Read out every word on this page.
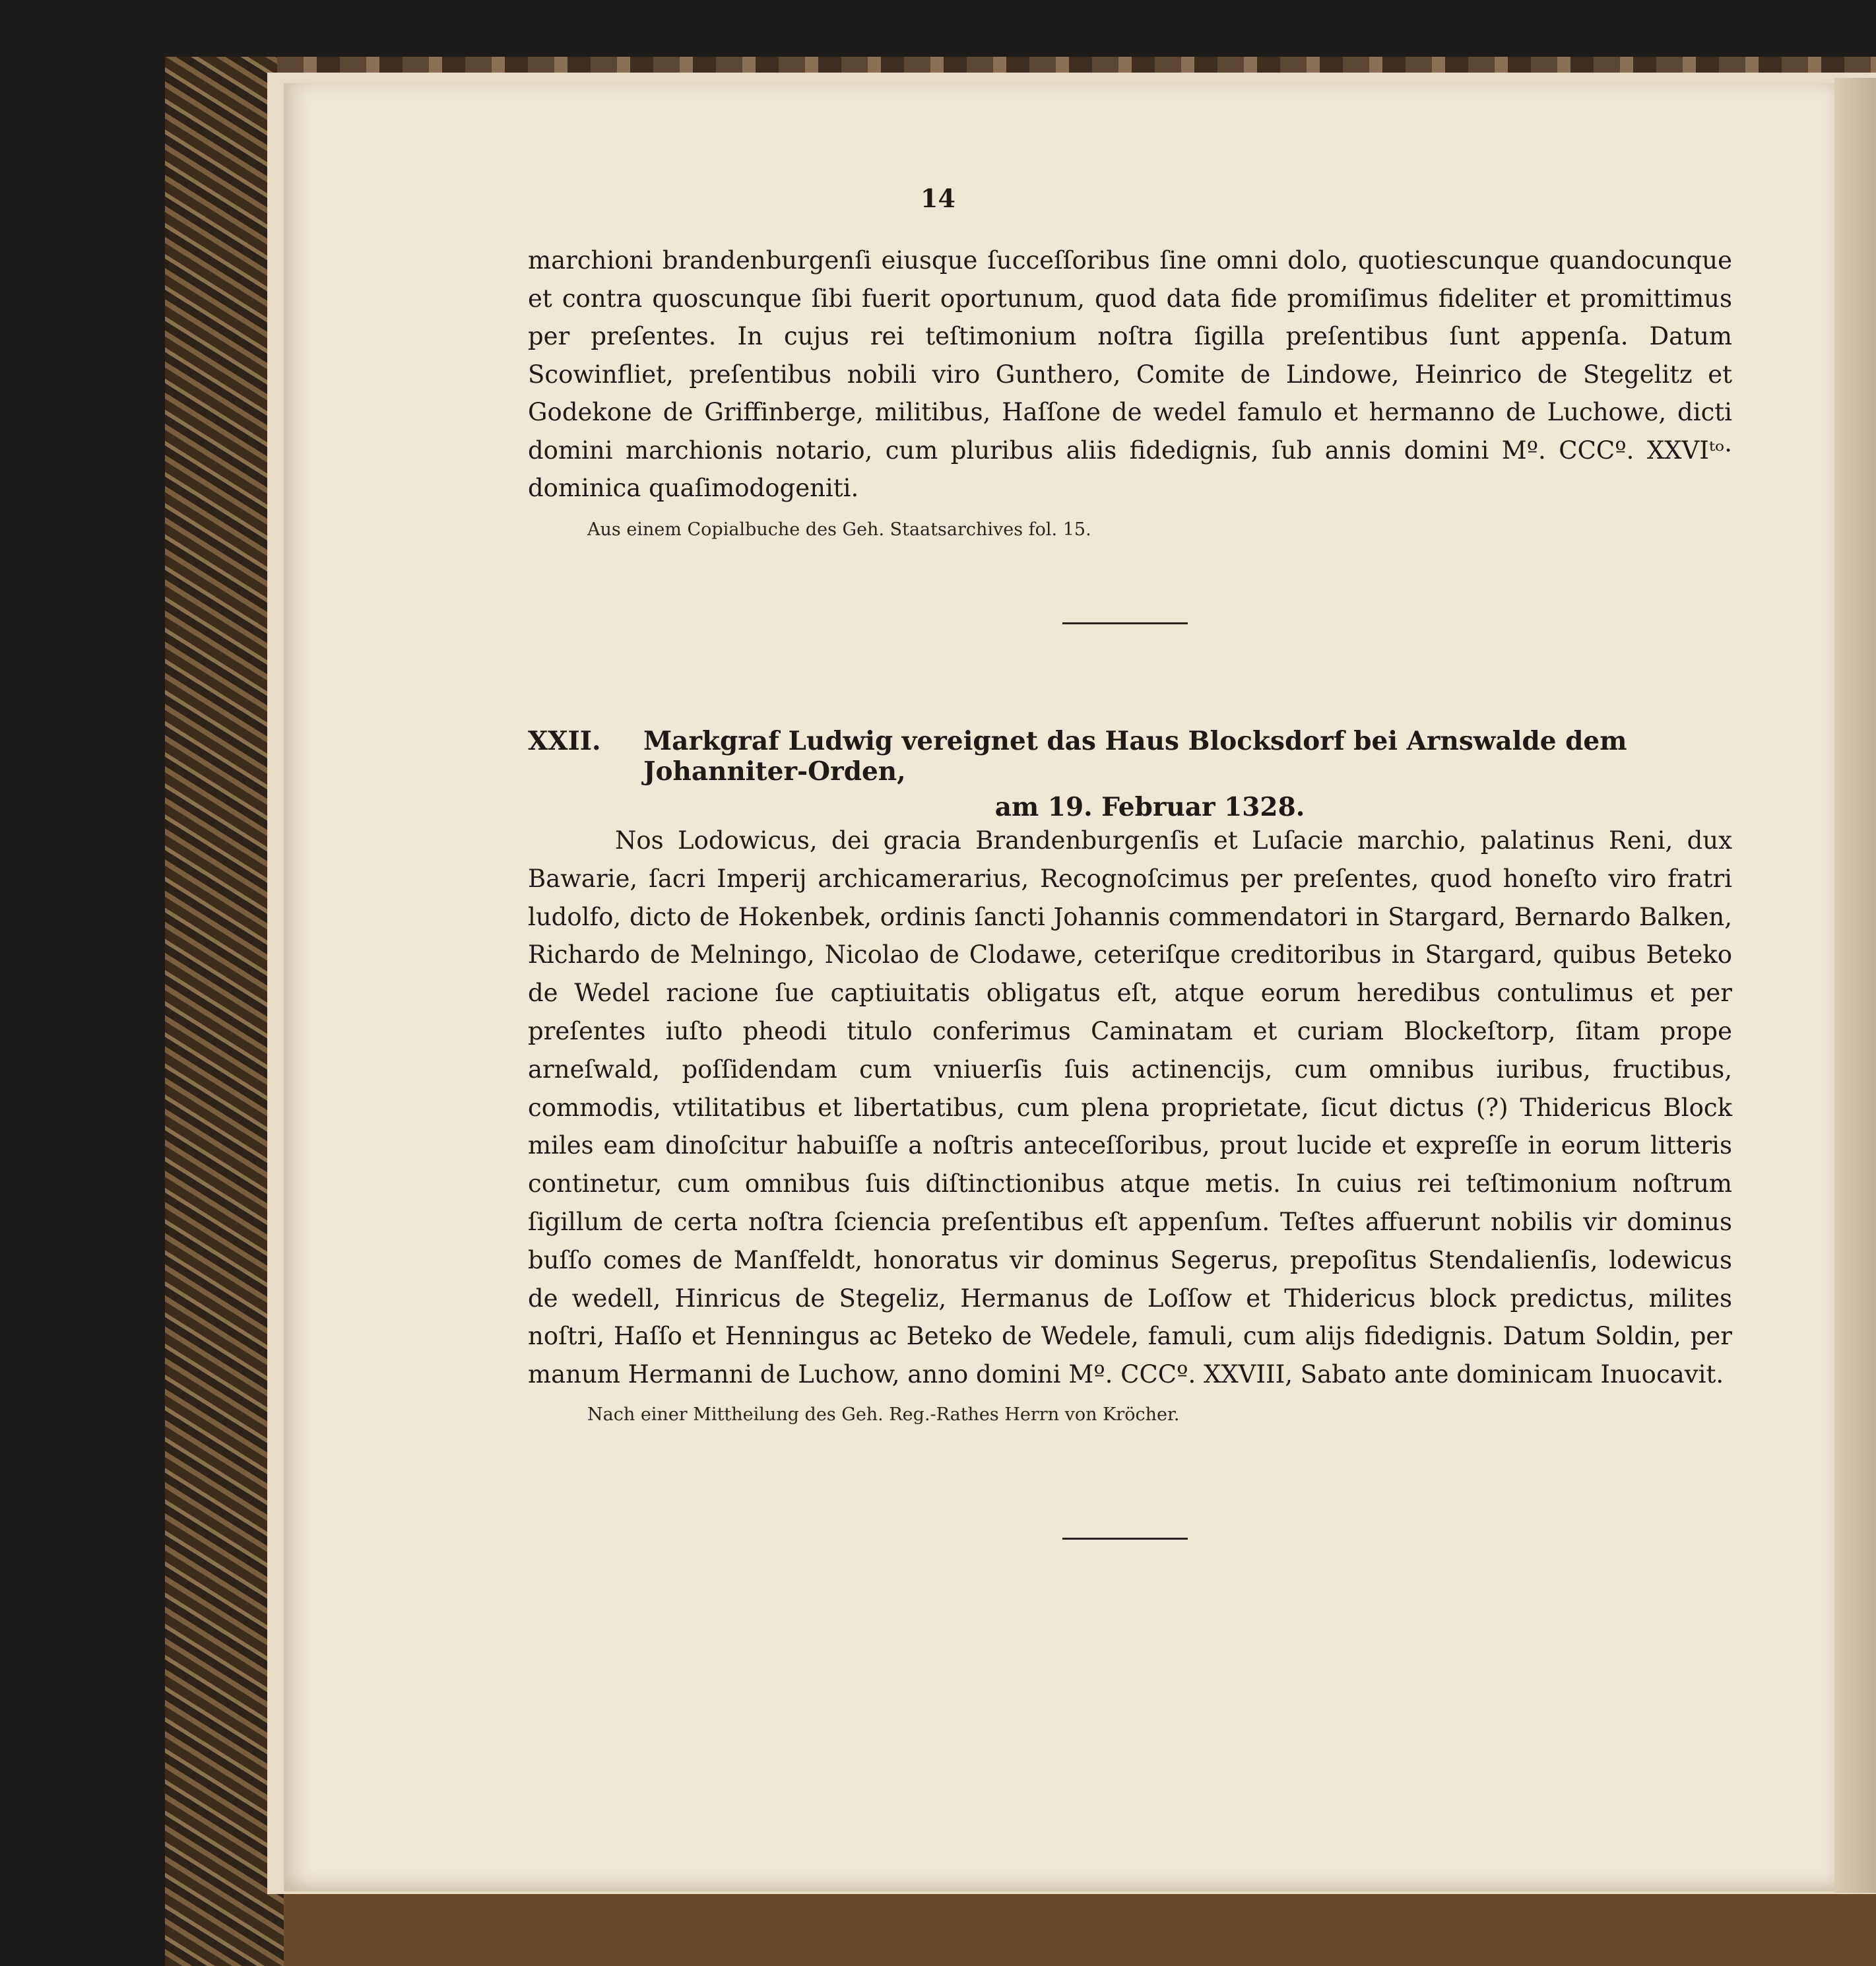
14

marchioni brandenburgenſi eiusque ſucceſſoribus ſine omni dolo, quotiescunque quandocunque et contra quoscunque ſibi fuerit oportunum, quod data fide promiſimus fideliter et promittimus per preſentes. In cujus rei teſtimonium noſtra ſigilla preſentibus ſunt appenſa. Datum Scowinfliet, preſentibus nobili viro Gunthero, Comite de Lindowe, Heinrico de Stegelitz et Godekone de Griffinberge, militibus, Haſſone de wedel famulo et hermanno de Luchowe, dicti domini marchionis notario, cum pluribus aliis fidedignis, ſub annis domini Mº. CCCº. XXVIᵗᵒ· dominica quaſimodogeniti.

Aus einem Copialbuche des Geh. Staatsarchives fol. 15.

XXII.	Markgraf Ludwig vereignet das Haus Blocksdorf bei Arnswalde dem Johanniter-Orden,
am 19. Februar 1328.

Nos Lodowicus, dei gracia Brandenburgenſis et Luſacie marchio, palatinus Reni, dux Bawarie, ſacri Imperij archicamerarius, Recognoſcimus per preſentes, quod honeſto viro fratri ludolfo, dicto de Hokenbek, ordinis ſancti Johannis commendatori in Stargard, Bernardo Balken, Richardo de Melningo, Nicolao de Clodawe, ceteriſque creditoribus in Stargard, quibus Beteko de Wedel racione ſue captiuitatis obligatus eſt, atque eorum heredibus contulimus et per preſentes iuſto pheodi titulo conferimus Caminatam et curiam Blockeſtorp, ſitam prope arneſwald, poſſidendam cum vniuerſis ſuis actinencijs, cum omnibus iuribus, fructibus, commodis, vtilitatibus et libertatibus, cum plena proprietate, ſicut dictus (?) Thidericus Block miles eam dinoſcitur habuiſſe a noſtris anteceſſoribus, prout lucide et expreſſe in eorum litteris continetur, cum omnibus ſuis diſtinctionibus atque metis. In cuius rei teſtimonium noſtrum ſigillum de certa noſtra ſciencia preſentibus eſt appenſum. Teſtes affuerunt nobilis vir dominus buſſo comes de Manſfeldt, honoratus vir dominus Segerus, prepoſitus Stendalienſis, lodewicus de wedell, Hinricus de Stegeliz, Hermanus de Loſſow et Thidericus block predictus, milites noſtri, Haſſo et Henningus ac Beteko de Wedele, famuli, cum alijs fidedignis. Datum Soldin, per manum Hermanni de Luchow, anno domini Mº. CCCº. XXVIII, Sabato ante dominicam Inuocavit.

Nach einer Mittheilung des Geh. Reg.-Rathes Herrn von Kröcher.
